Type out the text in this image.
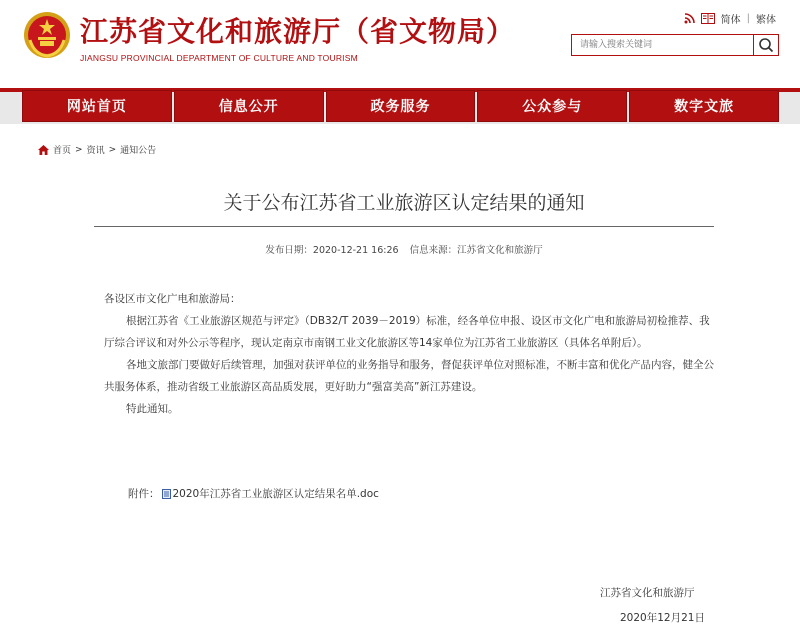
江苏省文化和旅游厅（省文物局）
JIANGSU PROVINCIAL DEPARTMENT OF CULTURE AND TOURISM
简体 | 繁体
请输入搜索关键词
网站首页	信息公开	政务服务	公众参与	数字文旅
首页 > 资讯 > 通知公告
关于公布江苏省工业旅游区认定结果的通知
发布日期：2020-12-21 16:26 信息来源：江苏省文化和旅游厅

各设区市文化广电和旅游局：

根据江苏省《工业旅游区规范与评定》（DB32/T 2039－2019）标准，经各单位申报、设区市文化广电和旅游局初检推荐、我厅综合评议和对外公示等程序，现认定南京市南钢工业文化旅游区等14家单位为江苏省工业旅游区（具体名单附后）。

各地文旅部门要做好后续管理，加强对获评单位的业务指导和服务，督促获评单位对照标准，不断丰富和优化产品内容，健全公共服务体系，推动省级工业旅游区高品质发展，更好助力“强富美高”新江苏建设。

特此通知。

附件： 2020年江苏省工业旅游区认定结果名单.doc
江苏省文化和旅游厅
2020年12月21日
